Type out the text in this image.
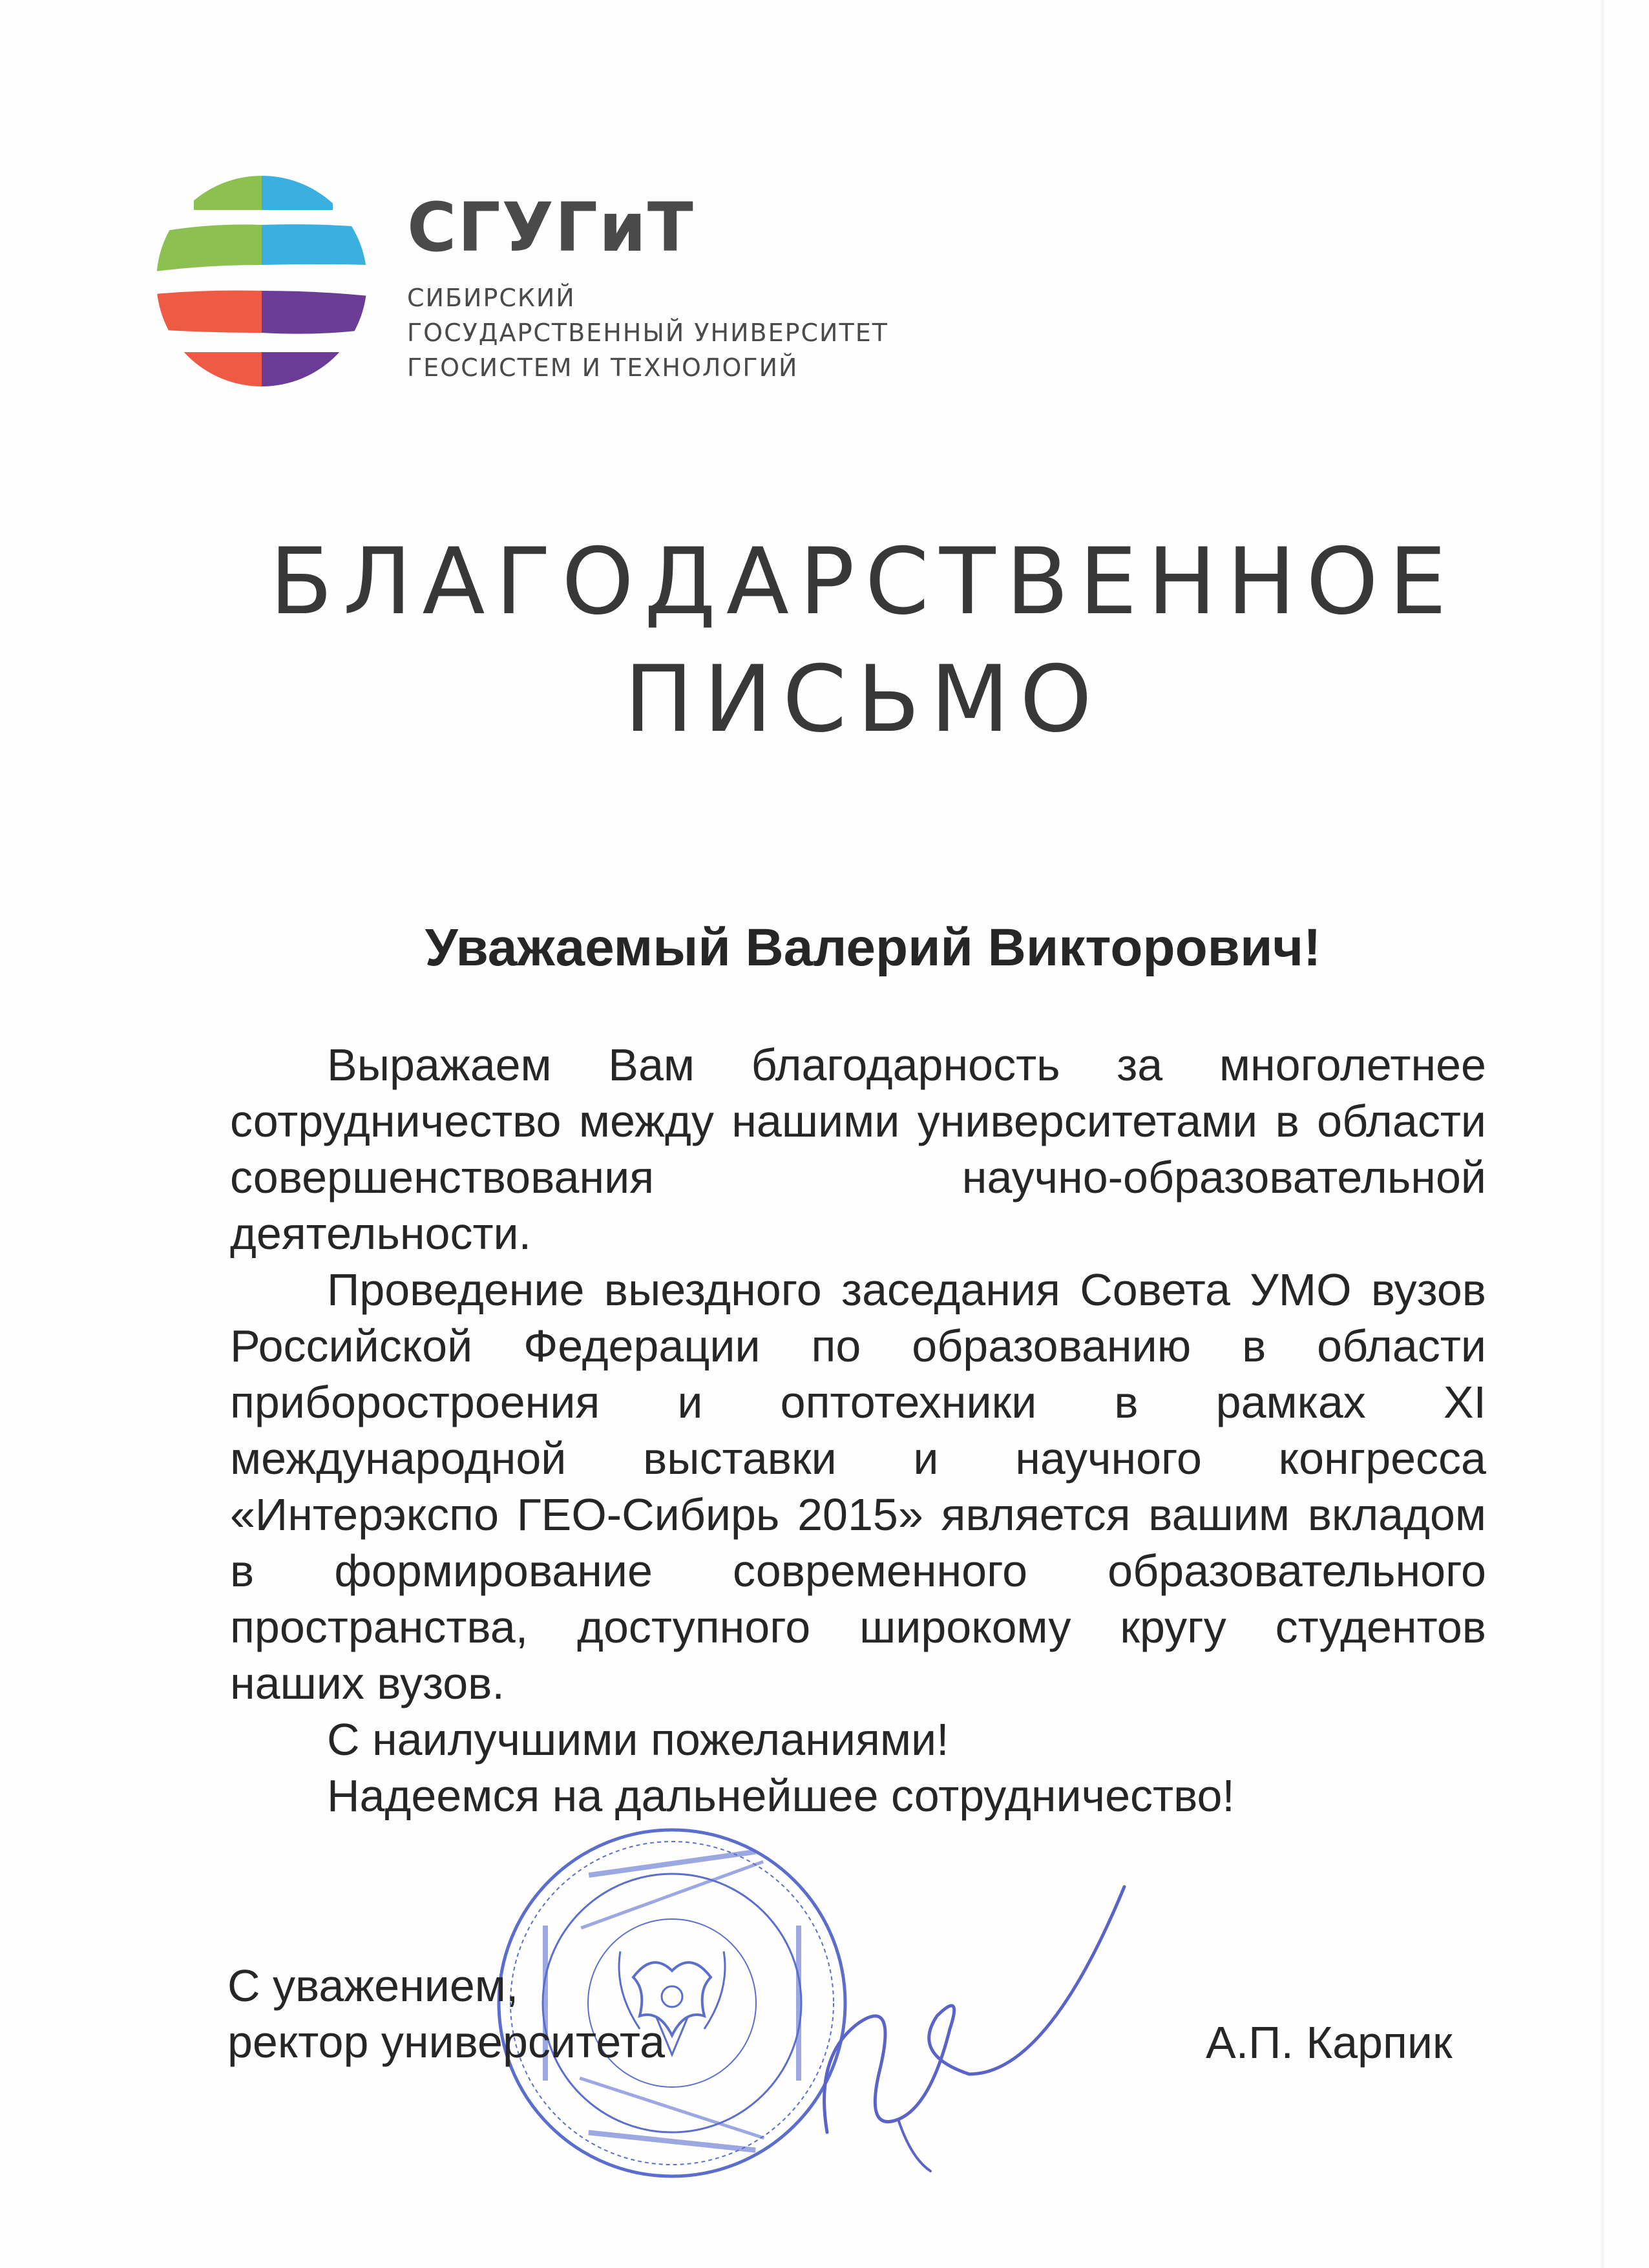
СГУГиТ
СИБИРСКИЙ
ГОСУДАРСТВЕННЫЙ УНИВЕРСИТЕТ
ГЕОСИСТЕМ И ТЕХНОЛОГИЙ
БЛАГОДАРСТВЕННОЕ
ПИСЬМО
Уважаемый Валерий Викторович!

Выражаем Вам благодарность за многолетнее сотрудничество между нашими университетами в области совершенствования научно-образовательной деятельности.

Проведение выездного заседания Совета УМО вузов Российской Федерации по образованию в области приборостроения и оптотехники в рамках XI международной выставки и научного конгресса «Интерэкспо ГЕО-Сибирь 2015» является вашим вкладом в формирование современного образовательного пространства, доступного широкому кругу студентов наших вузов.

С наилучшими пожеланиями!

Надеемся на дальнейшее сотрудничество!

С уважением,
ректор университета	А.П. Карпик
